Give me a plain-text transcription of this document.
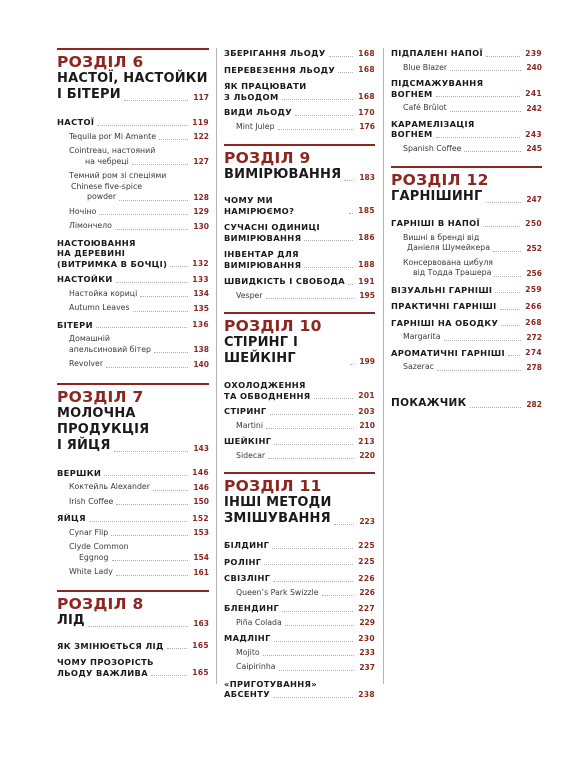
РОЗДІЛ 6
НАСТОЇ, НАСТОЙКИ
І БІТЕРИ	117
НАСТОЇ	119
Tequila por Mi Amante	122
Cointreau, настояний
на чебреці	127
Темний ром зі спеціями
Chinese five-spice
powder	128
Ночіно	129
Лімончело	130
НАСТОЮВАННЯ
НА ДЕРЕВИНІ
(ВИТРИМКА В БОЧЦІ)	132
НАСТОЙКИ	133
Настойка кориці	134
Autumn Leaves	135
БІТЕРИ	136
Домашній
апельсиновий бітер	138
Revolver	140
РОЗДІЛ 7
МОЛОЧНА
ПРОДУКЦІЯ
І ЯЙЦЯ	143
ВЕРШКИ	146
Коктейль Alexander	146
Irish Coffee	150
ЯЙЦЯ	152
Cynar Flip	153
Clyde Common
Eggnog	154
White Lady	161
РОЗДІЛ 8
ЛІД	163
ЯК ЗМІНЮЄТЬСЯ ЛІД	165
ЧОМУ ПРОЗОРІСТЬ
ЛЬОДУ ВАЖЛИВА	165
ЗБЕРІГАННЯ ЛЬОДУ	168
ПЕРЕВЕЗЕННЯ ЛЬОДУ	168
ЯК ПРАЦЮВАТИ
З ЛЬОДОМ	168
ВИДИ ЛЬОДУ	170
Mint Julep	176
РОЗДІЛ 9
ВИМІРЮВАННЯ	183
ЧОМУ МИ НАМІРЮЄМО?	185
СУЧАСНІ ОДИНИЦІ
ВИМІРЮВАННЯ	186
ІНВЕНТАР ДЛЯ
ВИМІРЮВАННЯ	188
ШВИДКІСТЬ І СВОБОДА	191
Vesper	195
РОЗДІЛ 10
СТІРИНГ І ШЕЙКІНГ	199
ОХОЛОДЖЕННЯ
ТА ОБВОДНЕННЯ	201
СТІРИНГ	203
Martini	210
ШЕЙКІНГ	213
Sidecar	220
РОЗДІЛ 11
ІНШІ МЕТОДИ
ЗМІШУВАННЯ	223
БІЛДИНГ	225
РОЛІНГ	225
СВІЗЛІНГ	226
Queen’s Park Swizzle	226
БЛЕНДИНГ	227
Piña Colada	229
МАДЛІНГ	230
Mojito	233
Caipirinha	237
«ПРИГОТУВАННЯ»
АБСЕНТУ	238
ПІДПАЛЕНІ НАПОЇ	239
Blue Blazer	240
ПІДСМАЖУВАННЯ
ВОГНЕМ	241
Café Brûlot	242
КАРАМЕЛІЗАЦІЯ
ВОГНЕМ	243
Spanish Coffee	245
РОЗДІЛ 12
ГАРНІШИНГ	247
ГАРНІШІ В НАПОЇ	250
Вишні в бренді від
Даніеля Шумейкера	252
Консервована цибуля
від Тодда Трашера	256
ВІЗУАЛЬНІ ГАРНІШІ	259
ПРАКТИЧНІ ГАРНІШІ	266
ГАРНІШІ НА ОБОДКУ	268
Margarita	272
АРОМАТИЧНІ ГАРНІШІ	274
Sazerac	278
ПОКАЖЧИК	282
